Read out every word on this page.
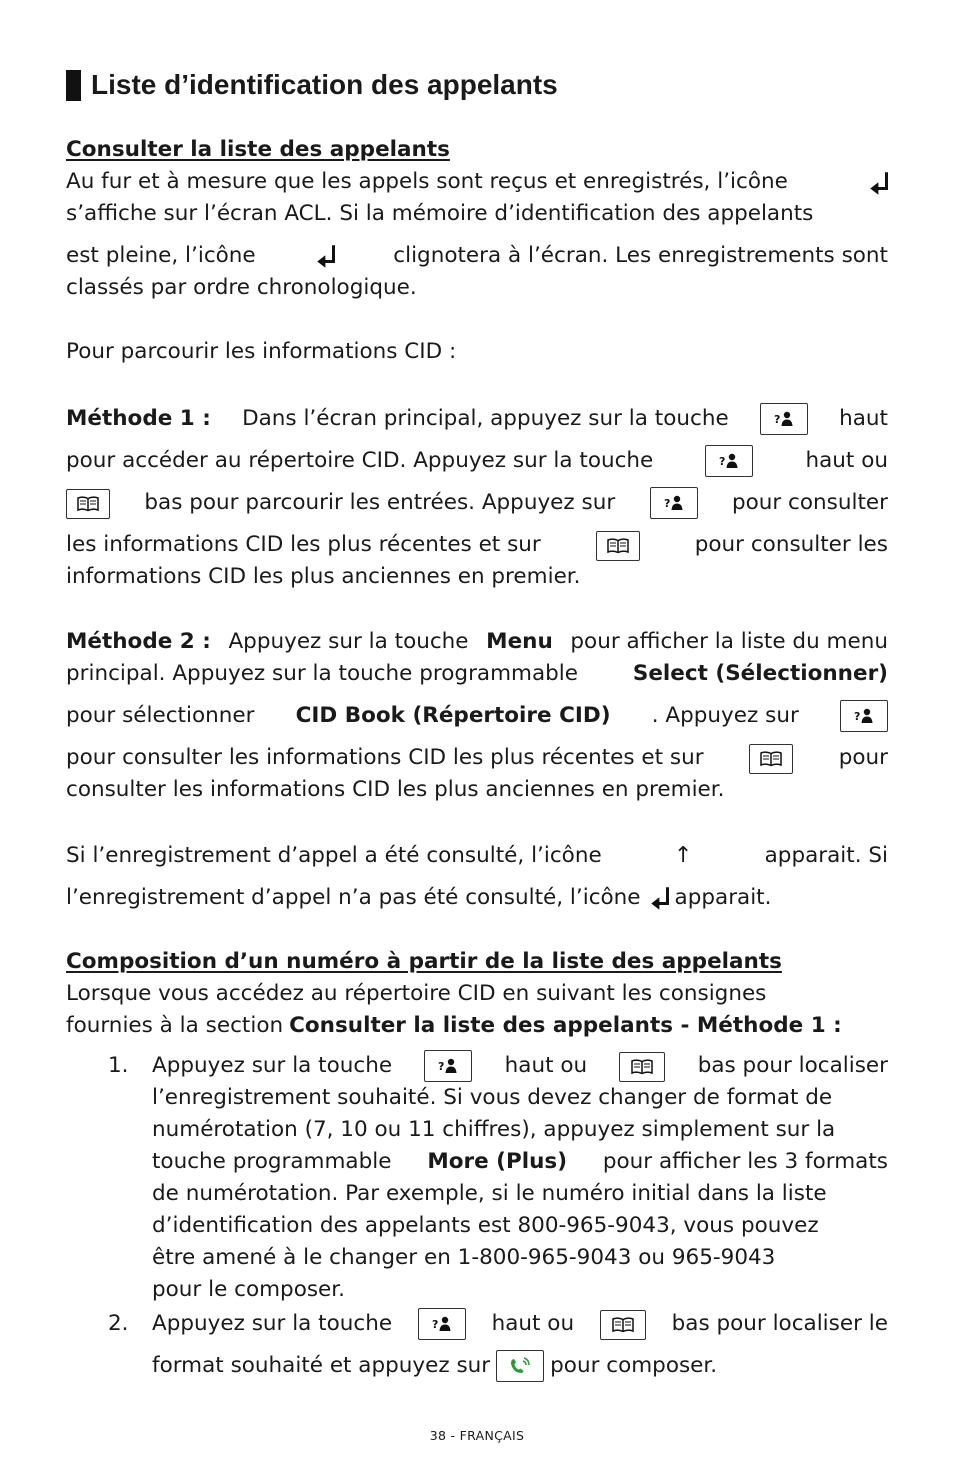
Liste d’identification des appelants
Consulter la liste des appelants
Au fur et à mesure que les appels sont reçus et enregistrés, l’icône
s’affiche sur l’écran ACL. Si la mémoire d’identification des appelants
est pleine, l’icône	clignotera à l’écran. Les enregistrements sont
classés par ordre chronologique.
Pour parcourir les informations CID :
Méthode 1 : Dans l’écran principal, appuyez sur la touche	haut
pour accéder au répertoire CID. Appuyez sur la touche	haut ou
bas pour parcourir les entrées. Appuyez sur	pour consulter
les informations CID les plus récentes et sur	pour consulter les
informations CID les plus anciennes en premier.
Méthode 2 : Appuyez sur la touche Menu pour afficher la liste du menu
principal. Appuyez sur la touche programmable	Select (Sélectionner)
pour sélectionner CID Book (Répertoire CID) . Appuyez sur
pour consulter les informations CID les plus récentes et sur	pour
consulter les informations CID les plus anciennes en premier.
Si l’enregistrement d’appel a été consulté, l’icône	↑	apparait. Si
l’enregistrement d’appel n’a pas été consulté, l’icône apparait.
Composition d’un numéro à partir de la liste des appelants
Lorsque vous accédez au répertoire CID en suivant les consignes
fournies à la section Consulter la liste des appelants - Méthode 1 :
1. Appuyez sur la touche	haut ou	bas pour localiser
l’enregistrement souhaité. Si vous devez changer de format de
numérotation (7, 10 ou 11 chiffres), appuyez simplement sur la
touche programmable More (Plus) pour afficher les 3 formats
de numérotation. Par exemple, si le numéro initial dans la liste
d’identification des appelants est 800-965-9043, vous pouvez
être amené à le changer en 1-800-965-9043 ou 965-9043
pour le composer.
2. Appuyez sur la touche	haut ou	bas pour localiser le
format souhaité et appuyez sur	pour composer.
38 - FRANÇAIS
